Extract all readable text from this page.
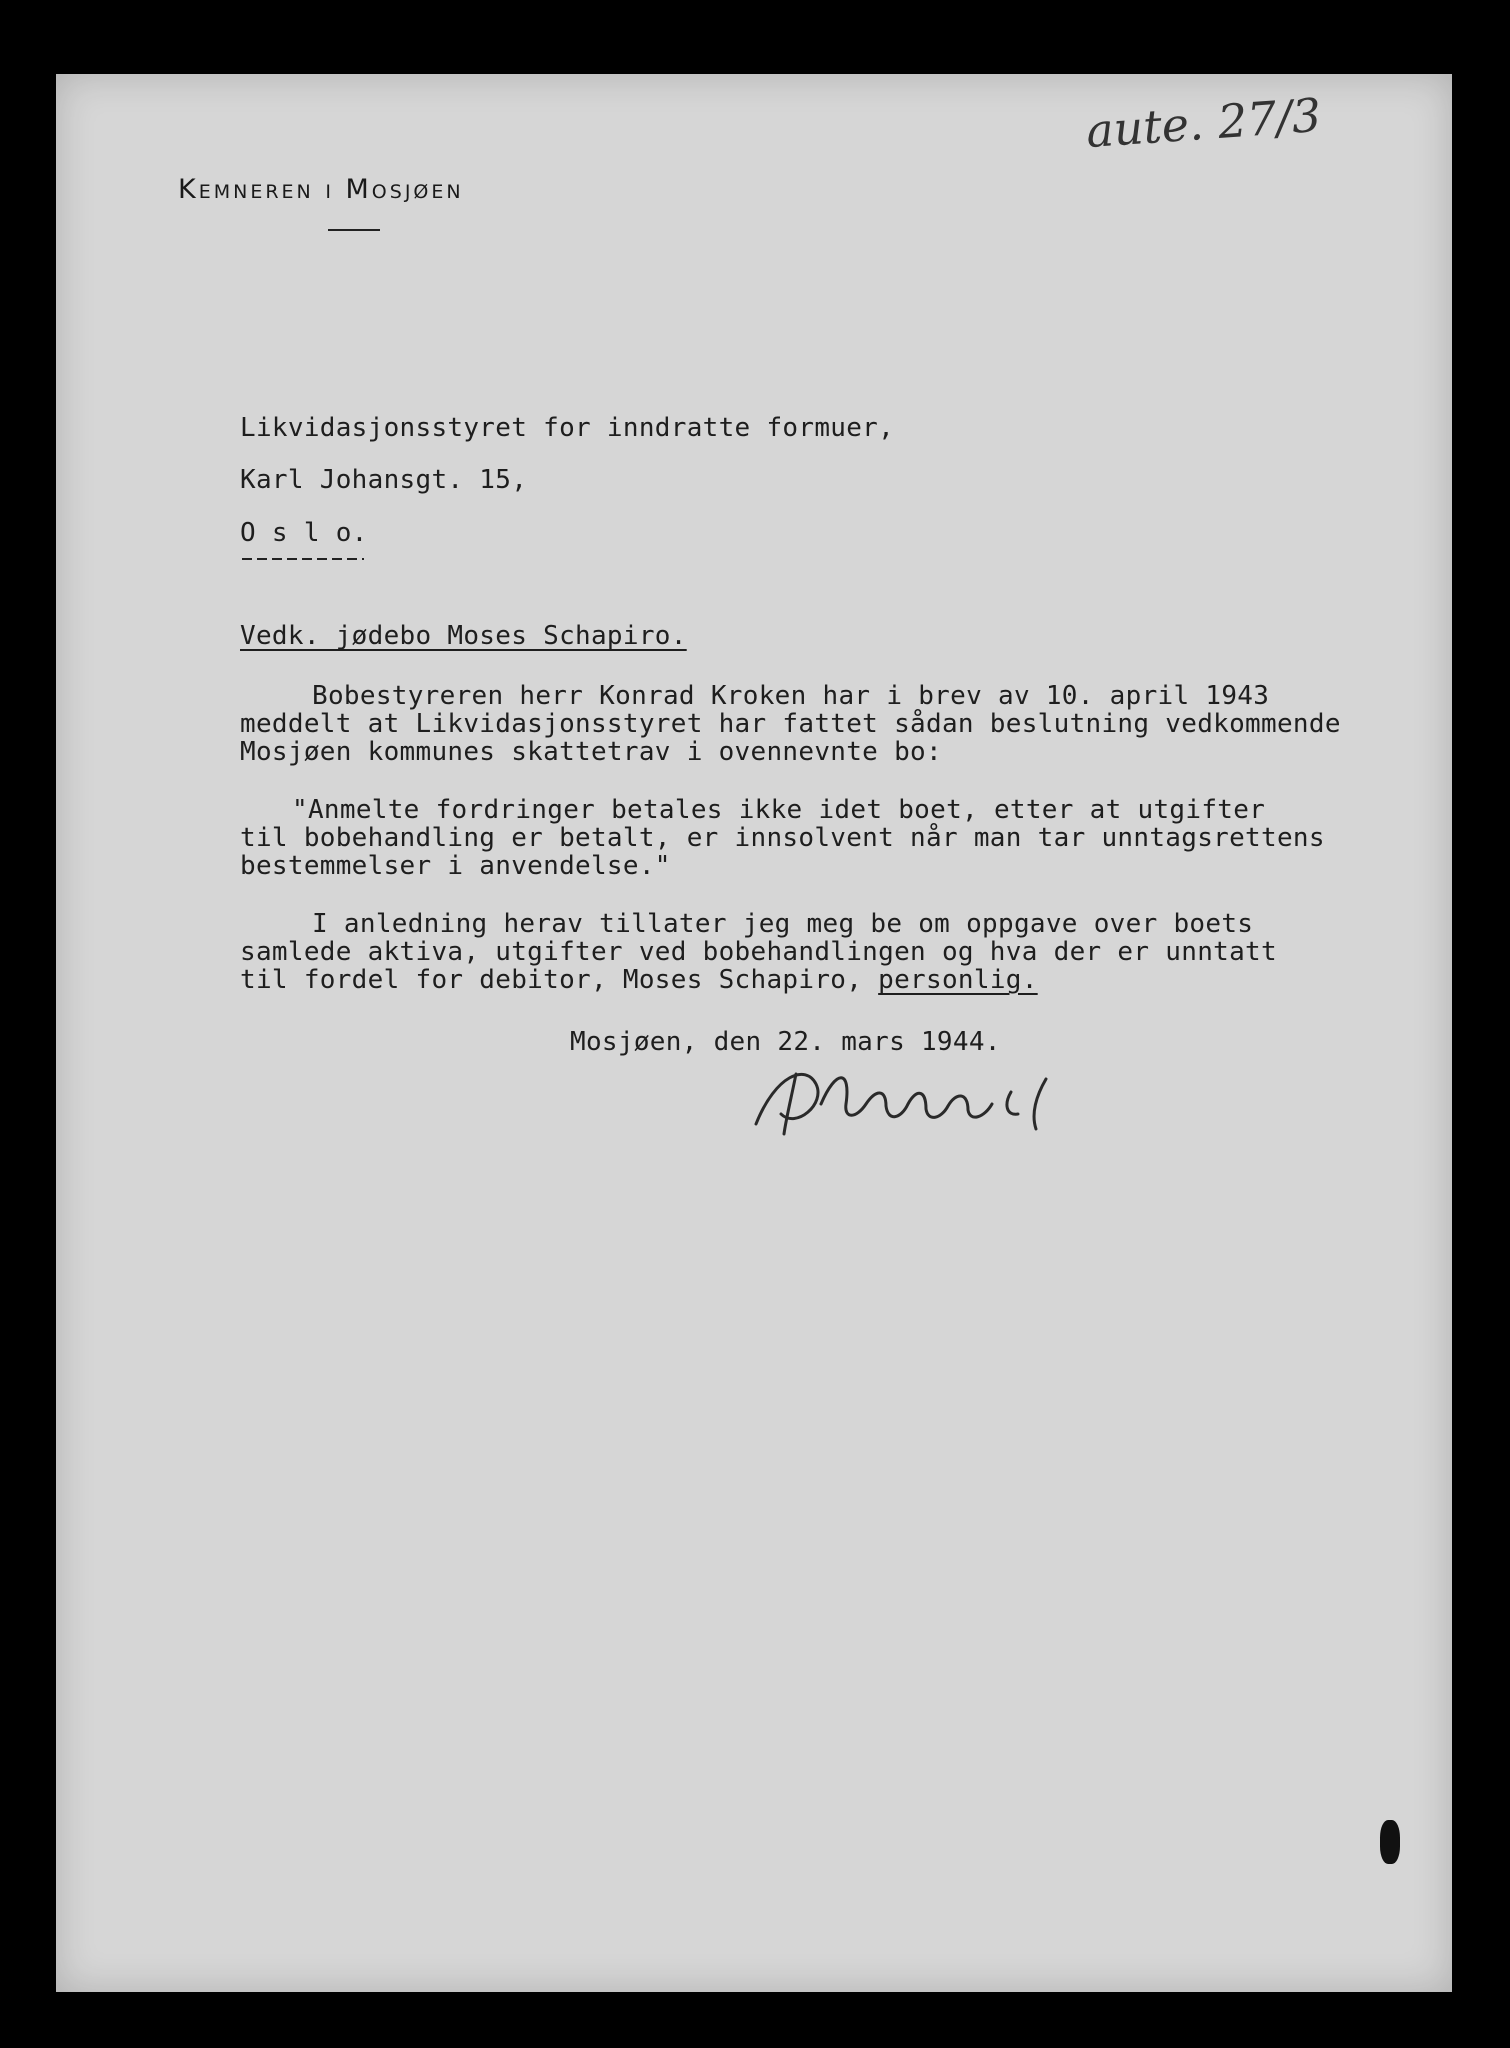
aute. 27/3
Kemneren i Mosjøen
Likvidasjonsstyret for inndratte formuer,
Karl Johansgt. 15,
O s l o.
Vedk. jødebo Moses Schapiro.
Bobestyreren herr Konrad Kroken har i brev av 10. april 1943
meddelt at Likvidasjonsstyret har fattet sådan beslutning vedkommende
Mosjøen kommunes skattetrav i ovennevnte bo:
"Anmelte fordringer betales ikke idet boet, etter at utgifter
til bobehandling er betalt, er innsolvent når man tar unntagsrettens
bestemmelser i anvendelse."
I anledning herav tillater jeg meg be om oppgave over boets
samlede aktiva, utgifter ved bobehandlingen og hva der er unntatt
til fordel for debitor, Moses Schapiro, personlig.
Mosjøen, den 22. mars 1944.
